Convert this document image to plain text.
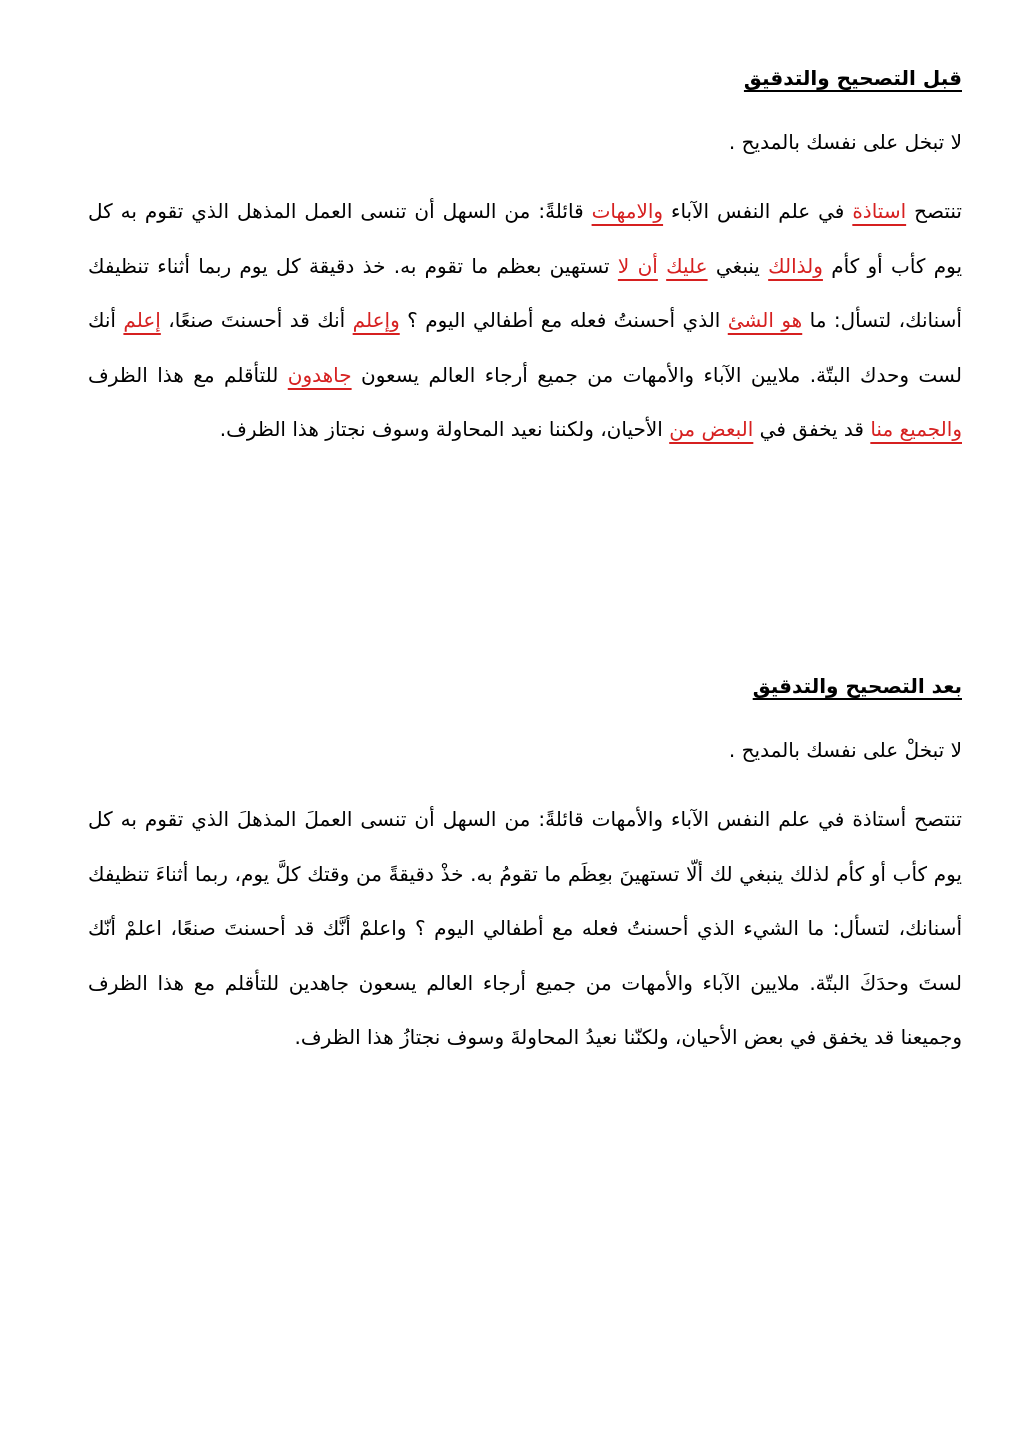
قبل التصحيح والتدقيق

لا تبخل على نفسك بالمديح .

تنتصح استاذة في علم النفس الآباء والامهات قائلةً: من السهل أن تنسى العمل المذهل الذي تقوم به كل يوم كأب أو كأم ولذالك ينبغي عليك أن لا تستهين بعظم ما تقوم به. خذ دقيقة كل يوم ربما أثناء تنظيفك أسنانك، لتسأل: ما هو الشئ الذي أحسنتُ فعله مع أطفالي اليوم ؟ وإعلم أنك قد أحسنتَ صنعًا، إعلم أنك لست وحدك البتّة. ملايين الآباء والأمهات من جميع أرجاء العالم يسعون جاهدون للتأقلم مع هذا الظرف والجميع منا قد يخفق في البعض من الأحيان، ولكننا نعيد المحاولة وسوف نجتاز هذا الظرف.

بعد التصحيح والتدقيق

لا تبخلْ على نفسك بالمديح .

تنتصح أستاذة في علم النفس الآباء والأمهات قائلةً: من السهل أن تنسى العملَ المذهلَ الذي تقوم به كل يوم كأب أو كأم لذلك ينبغي لك ألّا تستهينَ بعِظَم ما تقومُ به. خذْ دقيقةً من وقتك كلَّ يوم، ربما أثناءَ تنظيفك أسنانك، لتسأل: ما الشيء الذي أحسنتُ فعله مع أطفالي اليوم ؟ واعلمْ أنَّك قد أحسنتَ صنعًا، اعلمْ أنّك لستَ وحدَكَ البتّة. ملايين الآباء والأمهات من جميع أرجاء العالم يسعون جاهدين للتأقلم مع هذا الظرف وجميعنا قد يخفق في بعض الأحيان، ولكنّنا نعيدُ المحاولةَ وسوف نجتازُ هذا الظرف.
